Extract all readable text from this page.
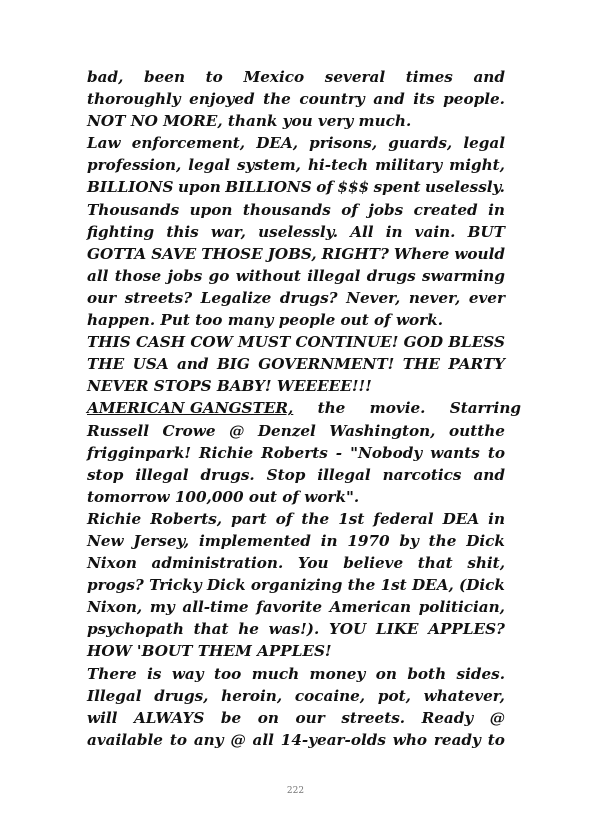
bad, been to Mexico several times and
thoroughly enjoyed the country and its people.
NOT NO MORE, thank you very much.
Law enforcement, DEA, prisons, guards, legal
profession, legal system, hi-tech military might,
BILLIONS upon BILLIONS of $$$ spent uselessly.
Thousands upon thousands of jobs created in
fighting this war, uselessly. All in vain. BUT
GOTTA SAVE THOSE JOBS, RIGHT? Where would
all those jobs go without illegal drugs swarming
our streets? Legalize drugs? Never, never, ever
happen. Put too many people out of work.
THIS CASH COW MUST CONTINUE! GOD BLESS
THE USA and BIG GOVERNMENT! THE PARTY
NEVER STOPS BABY! WEEEEE!!!
AMERICAN GANGSTER, the movie. Starring
Russell Crowe @ Denzel Washington, outthe
frigginpark! Richie Roberts - "Nobody wants to
stop illegal drugs. Stop illegal narcotics and
tomorrow 100,000 out of work".
Richie Roberts, part of the 1st federal DEA in
New Jersey, implemented in 1970 by the Dick
Nixon administration. You believe that shit,
progs? Tricky Dick organizing the 1st DEA, (Dick
Nixon, my all-time favorite American politician,
psychopath that he was!). YOU LIKE APPLES?
HOW 'BOUT THEM APPLES!
There is way too much money on both sides.
Illegal drugs, heroin, cocaine, pot, whatever,
will ALWAYS be on our streets. Ready @
available to any @ all 14-year-olds who ready to
222
